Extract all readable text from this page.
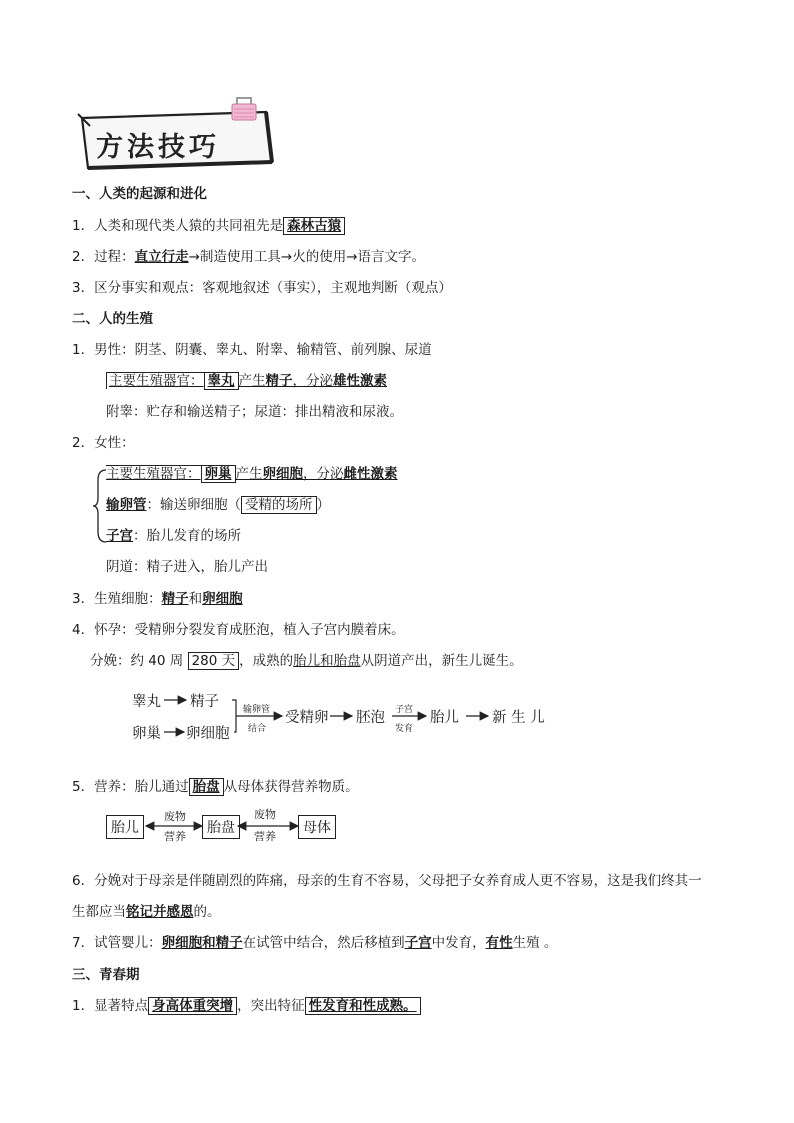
方法技巧
一、人类的起源和进化
1．人类和现代类人猿的共同祖先是 森林古猿
2．过程：直立行走→制造使用工具→火的使用→语言文字。
3．区分事实和观点：客观地叙述（事实），主观地判断（观点）
二、人的生殖
1．男性：阴茎、阴囊、睾丸、附睾、输精管、前列腺、尿道
主要生殖器官： 睾丸 产生精子，分泌雄性激素
附睾：贮存和输送精子；尿道：排出精液和尿液。
2．女性：
主要生殖器官： 卵巢 产生卵细胞，分泌雌性激素
输卵管：输送卵细胞（ 受精的场所 ）
子宫：胎儿发育的场所
阴道：精子进入，胎儿产出
3．生殖细胞：精子和卵细胞
4．怀孕：受精卵分裂发育成胚泡，植入子宫内膜着床。
分娩：约 40 周 280 天 ，成熟的胎儿和胎盘从阴道产出，新生儿诞生。
睾丸 精子
卵巢 卵细胞
输卵管
结合
受精卵 胚泡 子宫
发育
胎儿 新 生 儿
5．营养：胎儿通过 胎盘 从母体获得营养物质。
胎儿
废物
营养
胎盘
废物
营养
母体
6．分娩对于母亲是伴随剧烈的阵痛，母亲的生育不容易，父母把子女养育成人更不容易，这是我们终其一
生都应当铭记并感恩的。
7．试管婴儿：卵细胞和精子在试管中结合，然后移植到子宫中发育，有性生殖 。
三、青春期
1．显著特点 身高体重突增 ，突出特征 性发育和性成熟。
